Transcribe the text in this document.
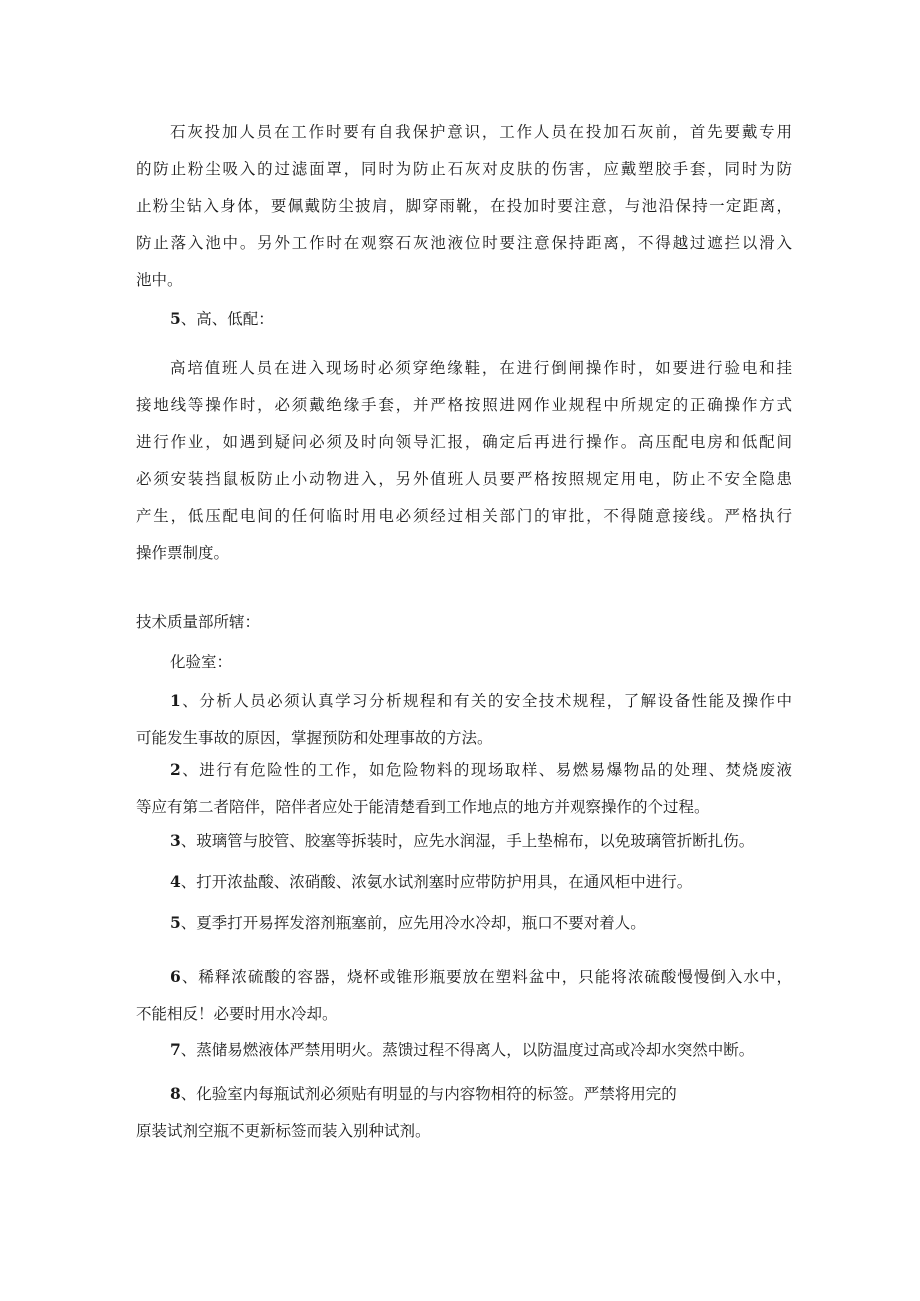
石灰投加人员在工作时要有自我保护意识，工作人员在投加石灰前，首先要戴专用
的防止粉尘吸入的过滤面罩，同时为防止石灰对皮肤的伤害，应戴塑胶手套，同时为防
止粉尘钻入身体，要佩戴防尘披肩，脚穿雨靴，在投加时要注意，与池沿保持一定距离，
防止落入池中。另外工作时在观察石灰池液位时要注意保持距离，不得越过遮拦以滑入
池中。
5、高、低配：
高培值班人员在进入现场时必须穿绝缘鞋，在进行倒闸操作时，如要进行验电和挂
接地线等操作时，必须戴绝缘手套，并严格按照进网作业规程中所规定的正确操作方式
进行作业，如遇到疑问必须及时向领导汇报，确定后再进行操作。高压配电房和低配间
必须安装挡鼠板防止小动物进入，另外值班人员要严格按照规定用电，防止不安全隐患
产生，低压配电间的任何临时用电必须经过相关部门的审批，不得随意接线。严格执行
操作票制度。
技术质量部所辖：
化验室：
1、分析人员必须认真学习分析规程和有关的安全技术规程，了解设备性能及操作中
可能发生事故的原因，掌握预防和处理事故的方法。
2、进行有危险性的工作，如危险物料的现场取样、易燃易爆物品的处理、焚烧废液
等应有第二者陪伴，陪伴者应处于能清楚看到工作地点的地方并观察操作的个过程。
3、玻璃管与胶管、胶塞等拆装时，应先水润湿，手上垫棉布，以免玻璃管折断扎伤。
4、打开浓盐酸、浓硝酸、浓氨水试剂塞时应带防护用具，在通风柜中进行。
5、夏季打开易挥发溶剂瓶塞前，应先用冷水冷却，瓶口不要对着人。
6、稀释浓硫酸的容器，烧杯或锥形瓶要放在塑料盆中，只能将浓硫酸慢慢倒入水中，
不能相反！必要时用水冷却。
7、蒸储易燃液体严禁用明火。蒸馈过程不得离人，以防温度过高或冷却水突然中断。
8、化验室内每瓶试剂必须贴有明显的与内容物相符的标签。严禁将用完的
原装试剂空瓶不更新标签而装入别种试剂。
